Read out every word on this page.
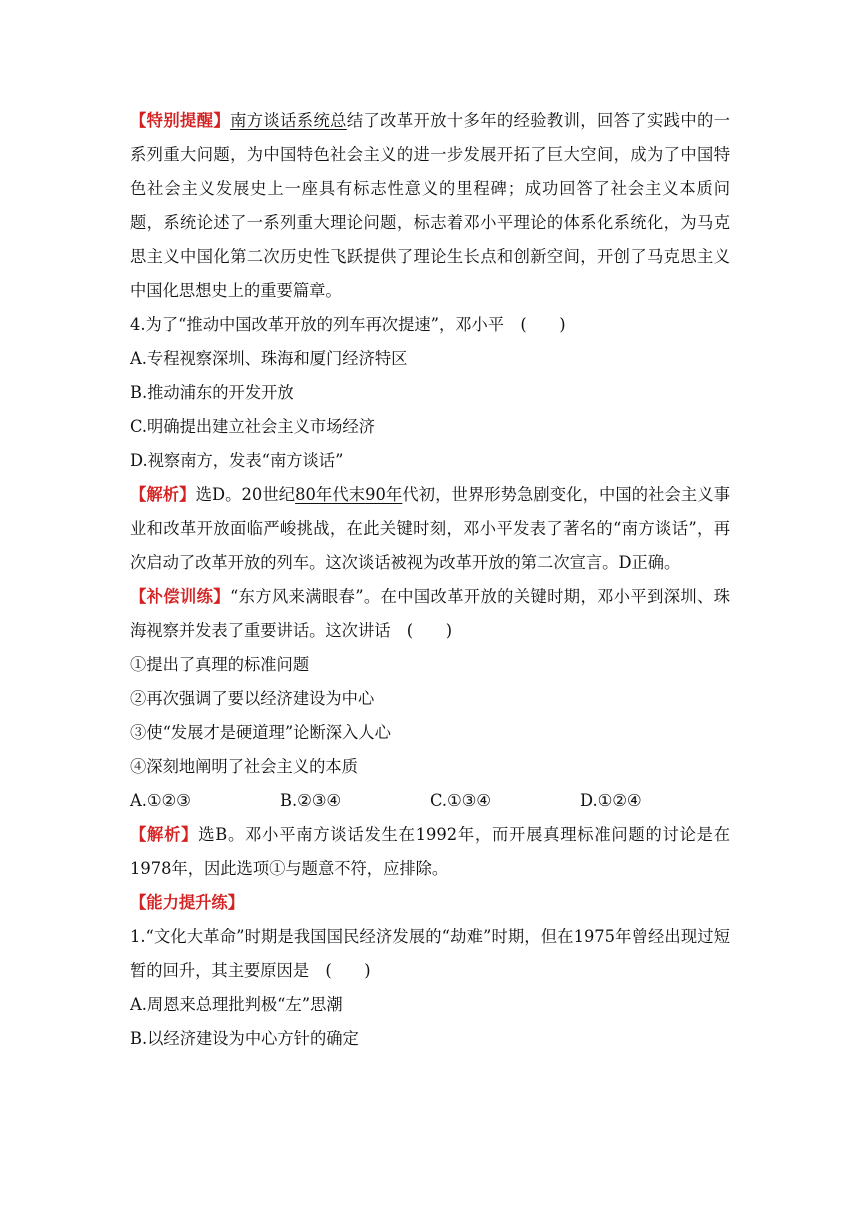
【特别提醒】南方谈话系统总结了改革开放十多年的经验教训，回答了实践中的一系列重大问题，为中国特色社会主义的进一步发展开拓了巨大空间，成为了中国特色社会主义发展史上一座具有标志性意义的里程碑；成功回答了社会主义本质问题，系统论述了一系列重大理论问题，标志着邓小平理论的体系化系统化，为马克思主义中国化第二次历史性飞跃提供了理论生长点和创新空间，开创了马克思主义中国化思想史上的重要篇章。

4.为了“推动中国改革开放的列车再次提速”，邓小平　(　　)

A.专程视察深圳、珠海和厦门经济特区

B.推动浦东的开发开放

C.明确提出建立社会主义市场经济

D.视察南方，发表“南方谈话”

【解析】选D。20世纪80年代末90年代初，世界形势急剧变化，中国的社会主义事业和改革开放面临严峻挑战，在此关键时刻，邓小平发表了著名的“南方谈话”，再次启动了改革开放的列车。这次谈话被视为改革开放的第二次宣言。D正确。

【补偿训练】“东方风来满眼春”。在中国改革开放的关键时期，邓小平到深圳、珠海视察并发表了重要讲话。这次讲话　(　　)

①提出了真理的标准问题

②再次强调了要以经济建设为中心

③使“发展才是硬道理”论断深入人心

④深刻地阐明了社会主义的本质

A.①②③	B.②③④	C.①③④	D.①②④

【解析】选B。邓小平南方谈话发生在1992年，而开展真理标准问题的讨论是在1978年，因此选项①与题意不符，应排除。

【能力提升练】

1.“文化大革命”时期是我国国民经济发展的“劫难”时期，但在1975年曾经出现过短暂的回升，其主要原因是　(　　)

A.周恩来总理批判极“左”思潮

B.以经济建设为中心方针的确定
